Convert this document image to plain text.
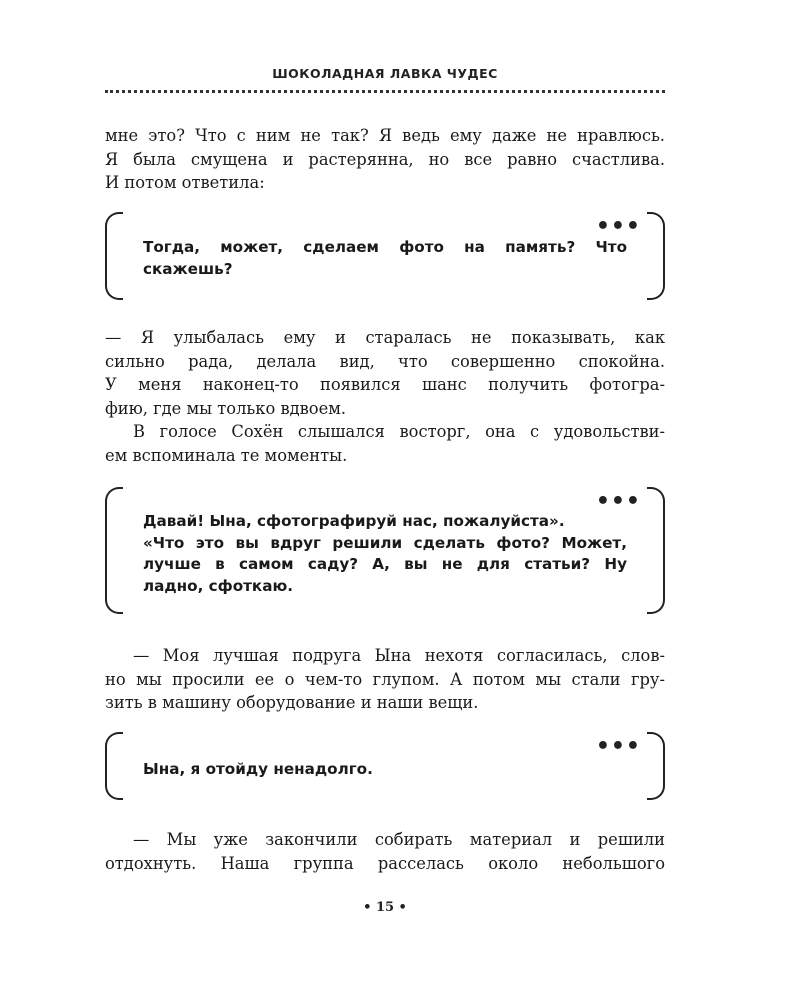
ШОКОЛАДНАЯ ЛАВКА ЧУДЕС

мне это? Что с ним не так? Я ведь ему даже не нравлюсь.
Я была смущена и растерянна, но все равно счастлива.
И потом ответила:

•••

Тогда, может, сделаем фото на память? Что
скажешь?

— Я улыбалась ему и старалась не показывать, как
сильно рада, делала вид, что совершенно спокойна.
У меня наконец-то появился шанс получить фотогра-
фию, где мы только вдвоем.

В голосе Сохён слышался восторг, она с удовольстви-
ем вспоминала те моменты.

•••

Давай! Ына, сфотографируй нас, пожалуйста».
«Что это вы вдруг решили сделать фото? Может,
лучше в самом саду? А, вы не для статьи? Ну
ладно, сфоткаю.

— Моя лучшая подруга Ына нехотя согласилась, слов-
но мы просили ее о чем-то глупом. А потом мы стали гру-
зить в машину оборудование и наши вещи.

•••

Ына, я отойду ненадолго.

— Мы уже закончили собирать материал и решили
отдохнуть. Наша группа расселась около небольшого

• 15 •
